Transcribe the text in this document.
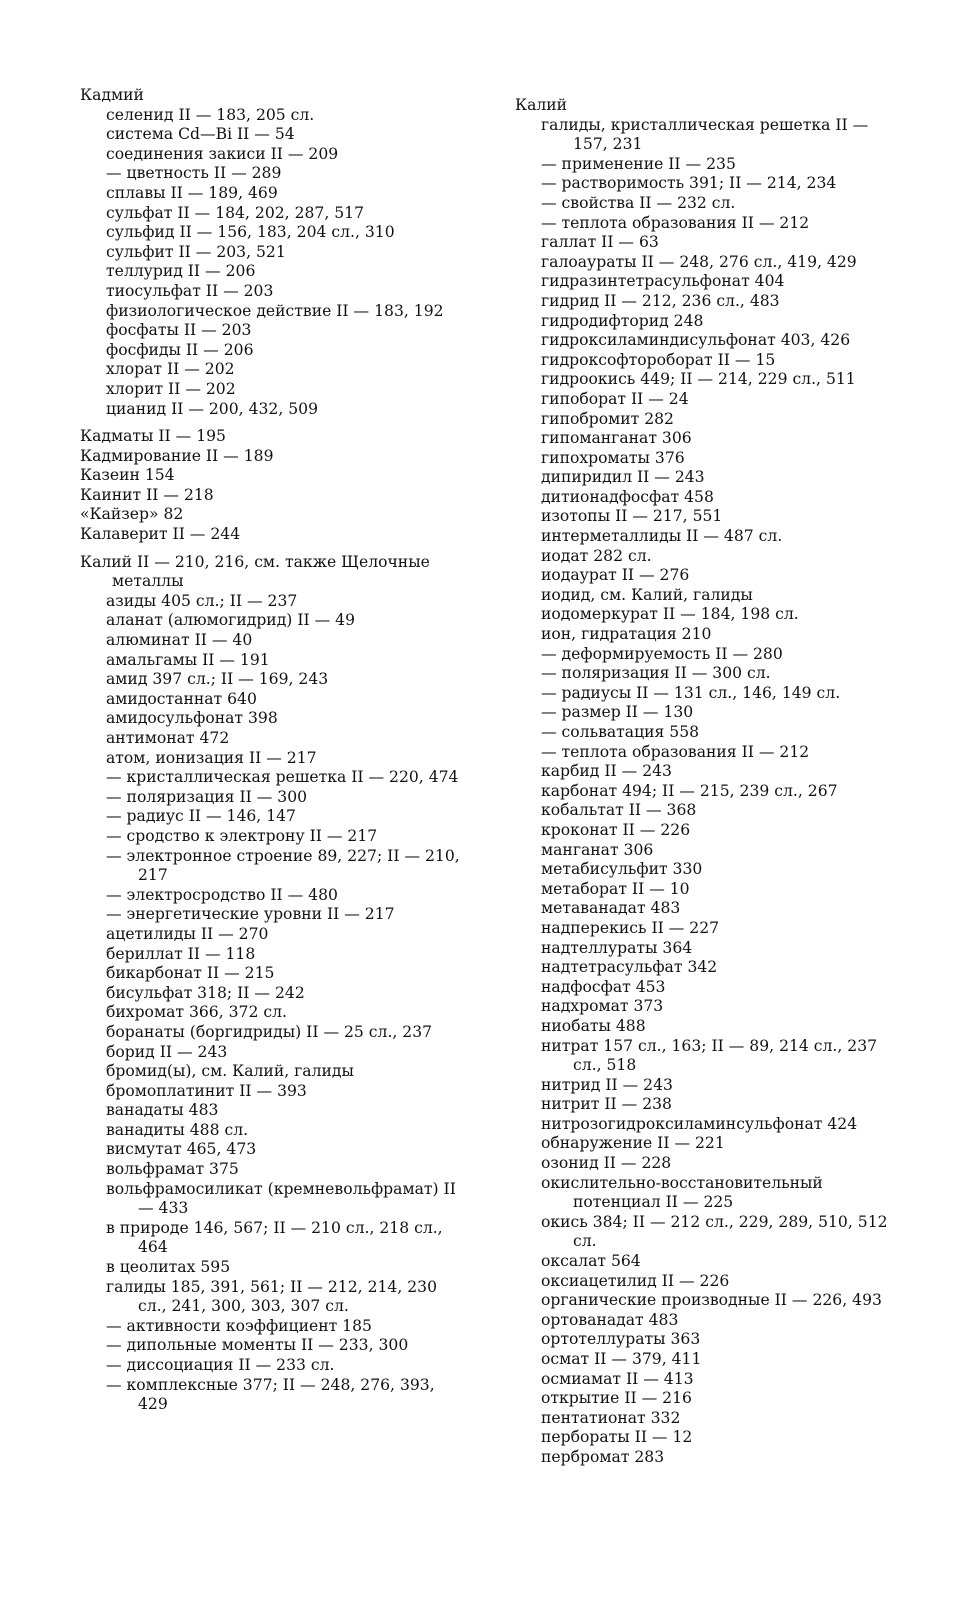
Кадмий
селенид II — 183, 205 сл.
система Cd—Bi II — 54
соединения закиси II — 209
— цветность II — 289
сплавы II — 189, 469
сульфат II — 184, 202, 287, 517
сульфид II — 156, 183, 204 сл., 310
сульфит II — 203, 521
теллурид II — 206
тиосульфат II — 203
физиологическое действие II — 183, 192
фосфаты II — 203
фосфиды II — 206
хлорат II — 202
хлорит II — 202
цианид II — 200, 432, 509
Кадматы II — 195
Кадмирование II — 189
Казеин 154
Каинит II — 218
«Кайзер» 82
Калаверит II — 244
Калий II — 210, 216, см. также Щелочные металлы
азиды 405 сл.; II — 237
аланат (алюмогидрид) II — 49
алюминат II — 40
амальгамы II — 191
амид 397 сл.; II — 169, 243
амидостаннат 640
амидосульфонат 398
антимонат 472
атом, ионизация II — 217
— кристаллическая решетка II — 220, 474
— поляризация II — 300
— радиус II — 146, 147
— сродство к электрону II — 217
— электронное строение 89, 227; II — 210, 217
— электросродство II — 480
— энергетические уровни II — 217
ацетилиды II — 270
бериллат II — 118
бикарбонат II — 215
бисульфат 318; II — 242
бихромат 366, 372 сл.
боранаты (боргидриды) II — 25 сл., 237
борид II — 243
бромид(ы), см. Калий, галиды
бромоплатинит II — 393
ванадаты 483
ванадиты 488 сл.
висмутат 465, 473
вольфрамат 375
вольфрамосиликат (кремневольфрамат) II — 433
в природе 146, 567; II — 210 сл., 218 сл., 464
в цеолитах 595
галиды 185, 391, 561; II — 212, 214, 230 сл., 241, 300, 303, 307 сл.
— активности коэффициент 185
— дипольные моменты II — 233, 300
— диссоциация II — 233 сл.
— комплексные 377; II — 248, 276, 393, 429
Калий
галиды, кристаллическая решетка II — 157, 231
— применение II — 235
— растворимость 391; II — 214, 234
— свойства II — 232 сл.
— теплота образования II — 212
галлат II — 63
галоаураты II — 248, 276 сл., 419, 429
гидразинтетрасульфонат 404
гидрид II — 212, 236 сл., 483
гидродифторид 248
гидроксиламиндисульфонат 403, 426
гидроксофтороборат II — 15
гидроокись 449; II — 214, 229 сл., 511
гипоборат II — 24
гипобромит 282
гипоманганат 306
гипохроматы 376
дипиридил II — 243
дитионадфосфат 458
изотопы II — 217, 551
интерметаллиды II — 487 сл.
иодат 282 сл.
иодаурат II — 276
иодид, см. Калий, галиды
иодомеркурат II — 184, 198 сл.
ион, гидратация 210
— деформируемость II — 280
— поляризация II — 300 сл.
— радиусы II — 131 сл., 146, 149 сл.
— размер II — 130
— сольватация 558
— теплота образования II — 212
карбид II — 243
карбонат 494; II — 215, 239 сл., 267
кобальтат II — 368
кроконат II — 226
манганат 306
метабисульфит 330
метаборат II — 10
метаванадат 483
надперекись II — 227
надтеллураты 364
надтетрасульфат 342
надфосфат 453
надхромат 373
ниобаты 488
нитрат 157 сл., 163; II — 89, 214 сл., 237 сл., 518
нитрид II — 243
нитрит II — 238
нитрозогидроксиламинсульфонат 424
обнаружение II — 221
озонид II — 228
окислительно-восстановительный потенциал II — 225
окись 384; II — 212 сл., 229, 289, 510, 512 сл.
оксалат 564
оксиацетилид II — 226
органические производные II — 226, 493
ортованадат 483
ортотеллураты 363
осмат II — 379, 411
осмиамат II — 413
открытие II — 216
пентатионат 332
пербораты II — 12
пербромат 283
